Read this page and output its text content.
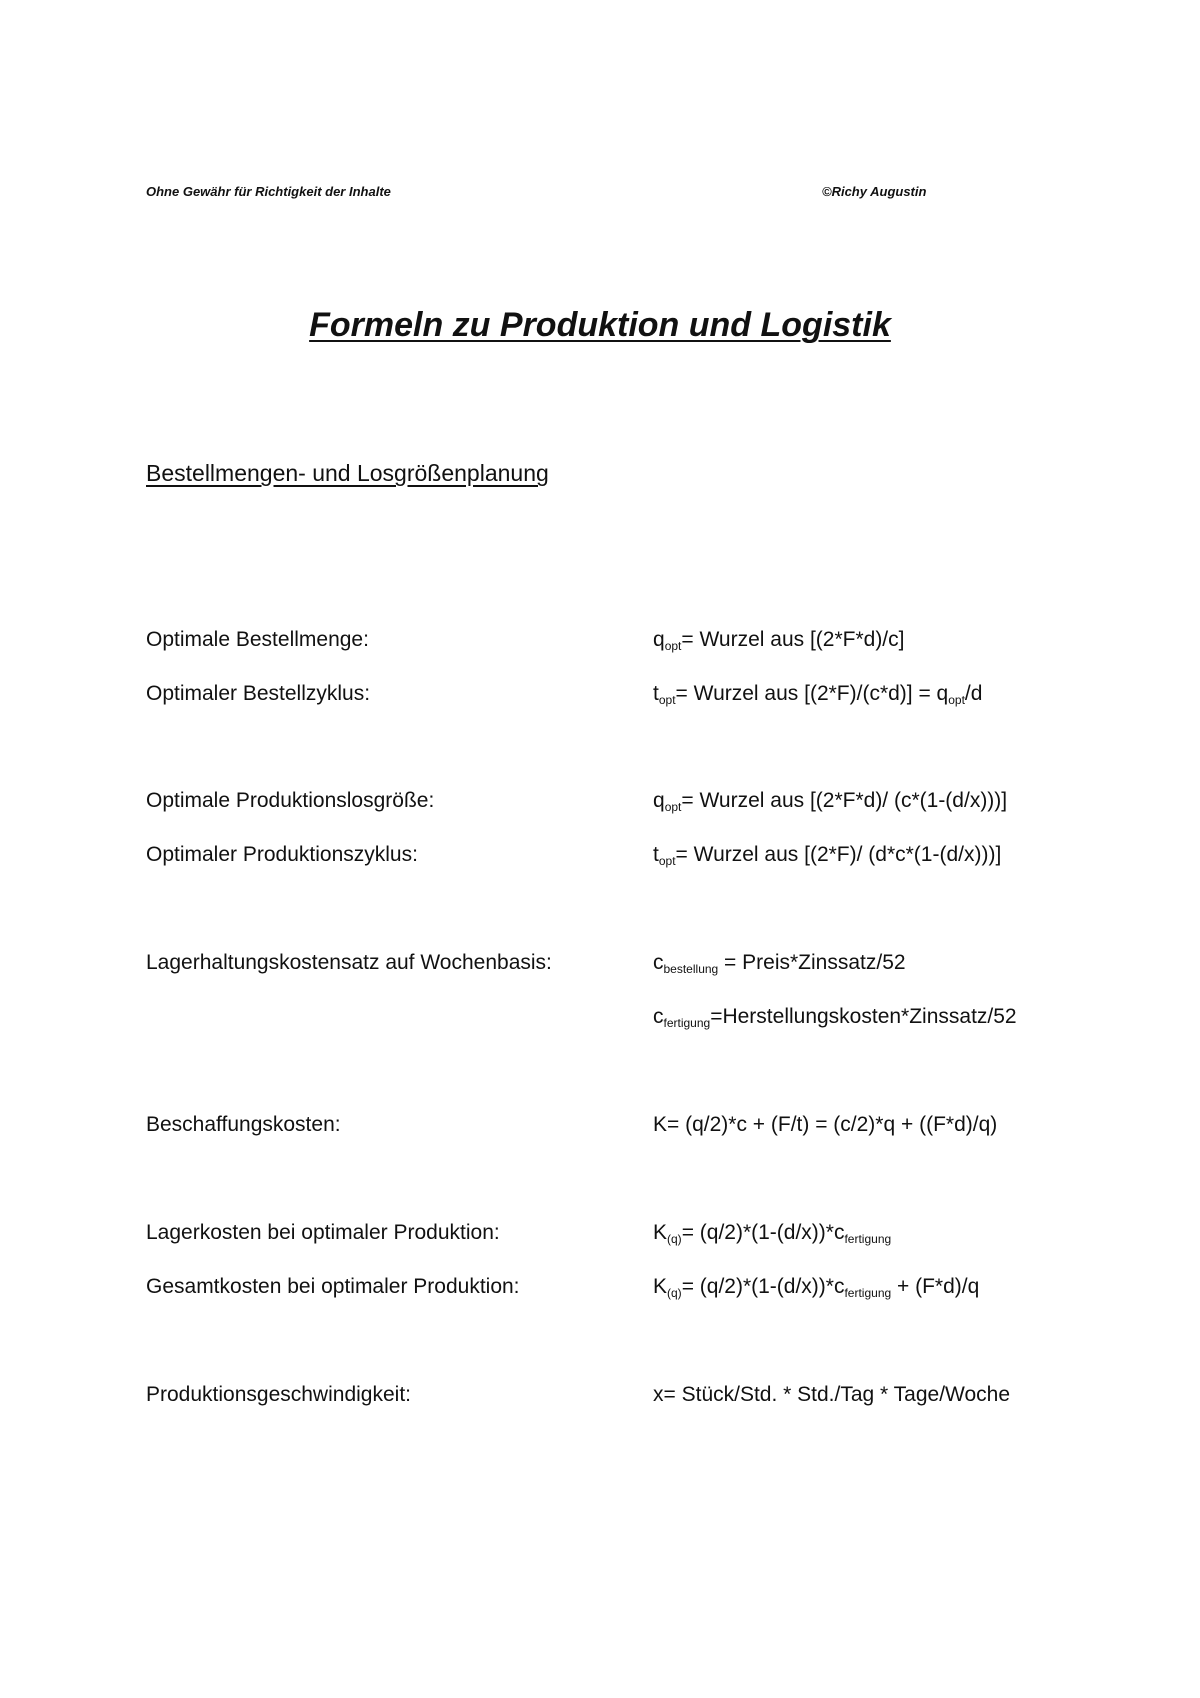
Ohne Gewähr für Richtigkeit der Inhalte	©Richy Augustin
Formeln zu Produktion und Logistik
Bestellmengen- und Losgrößenplanung
Optimale Bestellmenge:	$q_{opt}=$ Wurzel aus [(2*F*d)/c]
Optimaler Bestellzyklus:	$t_{opt}=$ Wurzel aus $[(2*F)/(c*d)] = q_{opt}/d$
Optimale Produktionslosgröße:	$q_{opt}=$ Wurzel aus [(2*F*d)/ (c*(1-(d/x)))]
Optimaler Produktionszyklus:	$t_{opt}=$ Wurzel aus [(2*F)/ (d*c*(1-(d/x)))]
Lagerhaltungskostensatz auf Wochenbasis:	$c_{bestellung}$ = Preis*Zinssatz/52
$c_{fertigung}=Herstellungskosten*Zinssatz/52$
Beschaffungskosten:	K= (q/2)*c + (F/t) = (c/2)*q + ((F*d)/q)
Lagerkosten bei optimaler Produktion:	$K_{(q)}= (q/2)*(1-(d/x))*c_{fertigung}$
Gesamtkosten bei optimaler Produktion:	$K_{(q)}= (q/2)*(1-(d/x))*c_{fertigung} + (F*d)/q$
Produktionsgeschwindigkeit:	x= Stück/Std. * Std./Tag * Tage/Woche
